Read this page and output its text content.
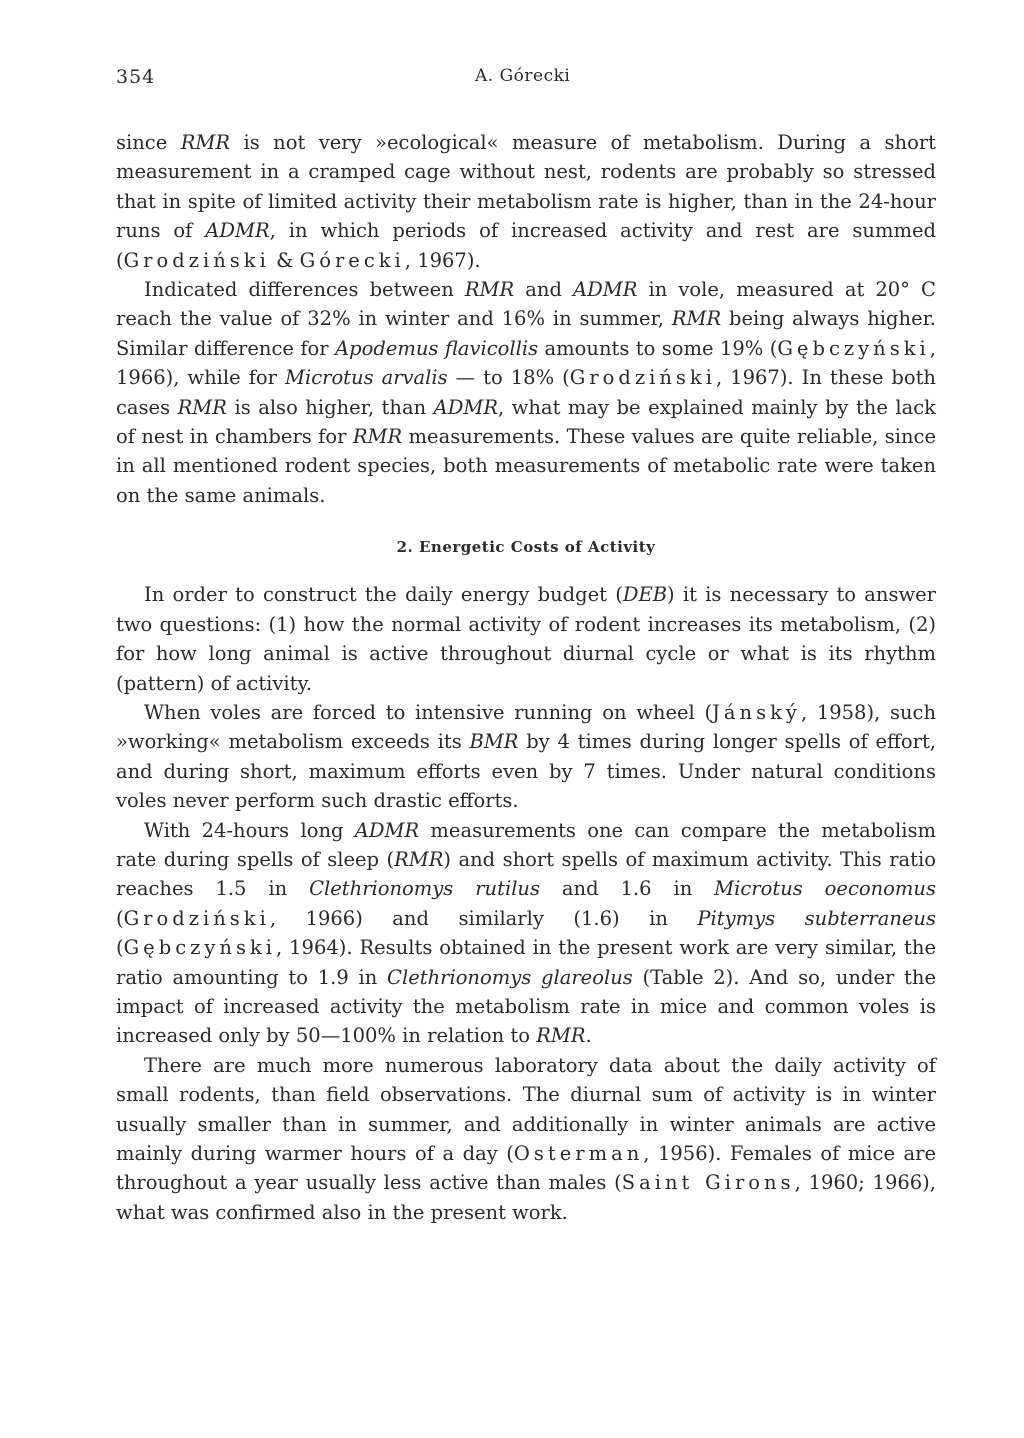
354	A. Górecki

since RMR is not very »ecological« measure of metabolism. During a short measurement in a cramped cage without nest, rodents are probably so stressed that in spite of limited activity their metabolism rate is higher, than in the 24-hour runs of ADMR, in which periods of increased activity and rest are summed (Grodziński & Górecki, 1967).

Indicated differences between RMR and ADMR in vole, measured at 20° C reach the value of 32% in winter and 16% in summer, RMR being always higher. Similar difference for Apodemus flavicollis amounts to some 19% (Gębczyński, 1966), while for Microtus arvalis — to 18% (Grodziński, 1967). In these both cases RMR is also higher, than ADMR, what may be explained mainly by the lack of nest in chambers for RMR measurements. These values are quite reliable, since in all mentioned rodent species, both measurements of metabolic rate were taken on the same animals.

2. Energetic Costs of Activity

In order to construct the daily energy budget (DEB) it is necessary to answer two questions: (1) how the normal activity of rodent increases its metabolism, (2) for how long animal is active throughout diurnal cycle or what is its rhythm (pattern) of activity.

When voles are forced to intensive running on wheel (Jánský, 1958), such »working« metabolism exceeds its BMR by 4 times during longer spells of effort, and during short, maximum efforts even by 7 times. Under natural conditions voles never perform such drastic efforts.

With 24-hours long ADMR measurements one can compare the metabolism rate during spells of sleep (RMR) and short spells of maximum activity. This ratio reaches 1.5 in Clethrionomys rutilus and 1.6 in Microtus oeconomus (Grodziński, 1966) and similarly (1.6) in Pitymys subterraneus (Gębczyński, 1964). Results obtained in the present work are very similar, the ratio amounting to 1.9 in Clethrionomys glareolus (Table 2). And so, under the impact of increased activity the metabolism rate in mice and common voles is increased only by 50—100% in relation to RMR.

There are much more numerous laboratory data about the daily activity of small rodents, than field observations. The diurnal sum of activity is in winter usually smaller than in summer, and additionally in winter animals are active mainly during warmer hours of a day (Osterman, 1956). Females of mice are throughout a year usually less active than males (Saint Girons, 1960; 1966), what was confirmed also in the present work.
